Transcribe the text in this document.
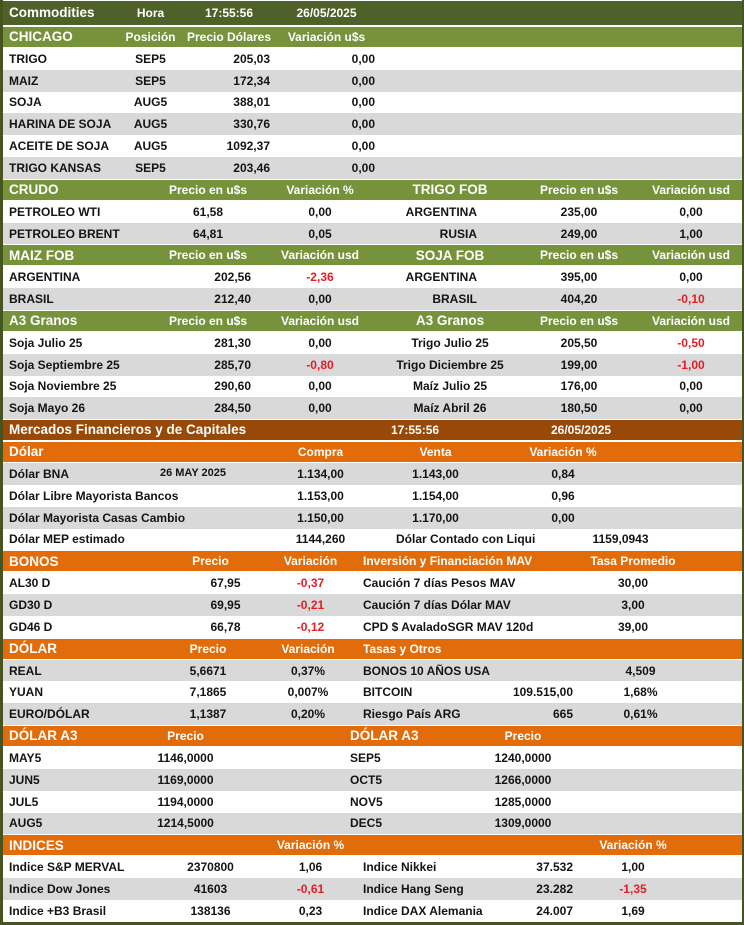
Commodities	Hora	17:55:56	26/05/2025
CHICAGO	Posición Precio Dólares	Variación u$s
TRIGO	SEP5	205,03	0,00
MAIZ	SEP5	172,34	0,00
SOJA	AUG5	388,01	0,00
HARINA DE SOJA	AUG5	330,76	0,00
ACEITE DE SOJA	AUG5	1092,37	0,00
TRIGO KANSAS	SEP5	203,46	0,00
CRUDO	Precio en u$s	Variación %	TRIGO FOB	Precio en u$s	Variación usd
PETROLEO WTI	61,58	0,00	ARGENTINA	235,00	0,00
PETROLEO BRENT	64,81	0,05	RUSIA	249,00	1,00
MAIZ FOB	Precio en u$s	Variación usd	SOJA FOB	Precio en u$s	Variación usd
ARGENTINA	202,56	-2,36	ARGENTINA	395,00	0,00
BRASIL	212,40	0,00	BRASIL	404,20	-0,10
A3 Granos	Precio en u$s	Variación usd	A3 Granos	Precio en u$s	Variación usd
Soja Julio 25	281,30	0,00	Trigo Julio 25	205,50	-0,50
Soja Septiembre 25	285,70	-0,80	Trigo Diciembre 25	199,00	-1,00
Soja Noviembre 25	290,60	0,00	Maíz Julio 25	176,00	0,00
Soja Mayo 26	284,50	0,00	Maíz Abril 26	180,50	0,00
Mercados Financieros y de Capitales	17:55:56	26/05/2025
Dólar	Compra	Venta	Variación %
Dólar BNA	26 MAY 2025	1.134,00	1.143,00	0,84
Dólar Libre Mayorista Bancos	1.153,00	1.154,00	0,96
Dólar Mayorista Casas Cambio	1.150,00	1.170,00	0,00
Dólar MEP estimado	1144,260	Dólar Contado con Liqui	1159,0943
BONOS	Precio	Variación	Inversión y Financiación MAV	Tasa Promedio
AL30 D	67,95	-0,37	Caución 7 días Pesos MAV	30,00
GD30 D	69,95	-0,21	Caución 7 días Dólar MAV	3,00
GD46 D	66,78	-0,12	CPD $ AvaladoSGR MAV 120d	39,00
DÓLAR	Precio	Variación	Tasas y Otros
REAL	5,6671	0,37%	BONOS 10 AÑOS USA	4,509
YUAN	7,1865	0,007%	BITCOIN	109.515,00	1,68%
EURO/DÓLAR	1,1387	0,20%	Riesgo País ARG	665	0,61%
DÓLAR A3	Precio	DÓLAR A3	Precio
MAY5	1146,0000	SEP5	1240,0000
JUN5	1169,0000	OCT5	1266,0000
JUL5	1194,0000	NOV5	1285,0000
AUG5	1214,5000	DEC5	1309,0000
INDICES	Variación %	Variación %
Indice S&P MERVAL	2370800	1,06	Indice Nikkei	37.532	1,00
Indice Dow Jones	41603	-0,61	Indice Hang Seng	23.282	-1,35
Indice +B3 Brasil	138136	0,23	Indice DAX Alemania	24.007	1,69
